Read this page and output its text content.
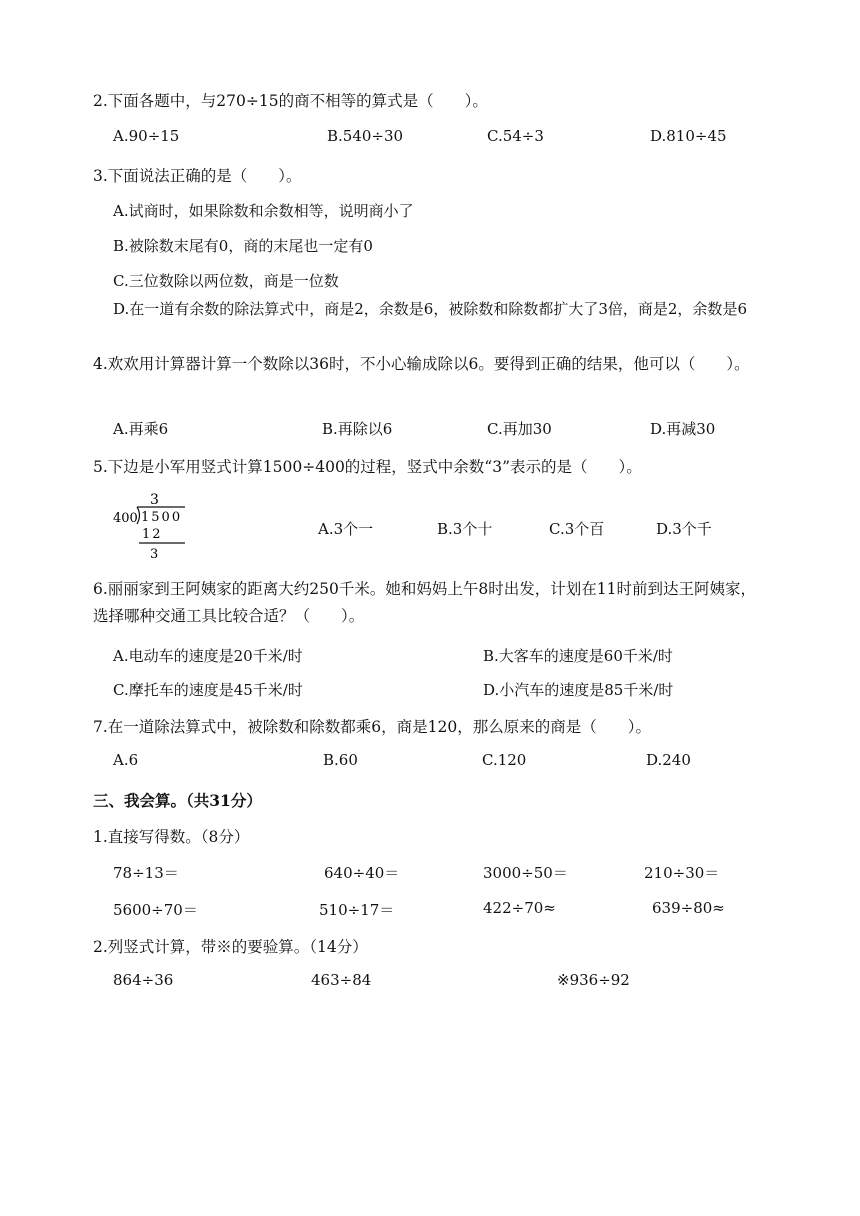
2.下面各题中，与270÷15的商不相等的算式是（　　）。
A.90÷15	B.540÷30	C.54÷3	D.810÷45
3.下面说法正确的是（　　）。
A.试商时，如果除数和余数相等，说明商小了
B.被除数末尾有0，商的末尾也一定有0
C.三位数除以两位数，商是一位数
D.在一道有余数的除法算式中，商是2，余数是6，被除数和除数都扩大了3倍，商是2，余数是6
4.欢欢用计算器计算一个数除以36时，不小心输成除以6。要得到正确的结果，他可以（　　）。
A.再乘6	B.再除以6	C.再加30	D.再减30
5.下边是小军用竖式计算1500÷400的过程，竖式中余数“3”表示的是（　　）。
3
400 1500
12
3
A.3个一	B.3个十	C.3个百	D.3个千
6.丽丽家到王阿姨家的距离大约250千米。她和妈妈上午8时出发，计划在11时前到达王阿姨家，选择哪种交通工具比较合适？（　　）。
A.电动车的速度是20千米/时	B.大客车的速度是60千米/时
C.摩托车的速度是45千米/时	D.小汽车的速度是85千米/时
7.在一道除法算式中，被除数和除数都乘6，商是120，那么原来的商是（　　）。
A.6	B.60	C.120	D.240
三、我会算。（共31分）
1.直接写得数。（8分）
78÷13＝	640÷40＝	3000÷50＝	210÷30＝
5600÷70＝	510÷17＝	422÷70≈	639÷80≈
2.列竖式计算，带※的要验算。（14分）
864÷36	463÷84	※936÷92
